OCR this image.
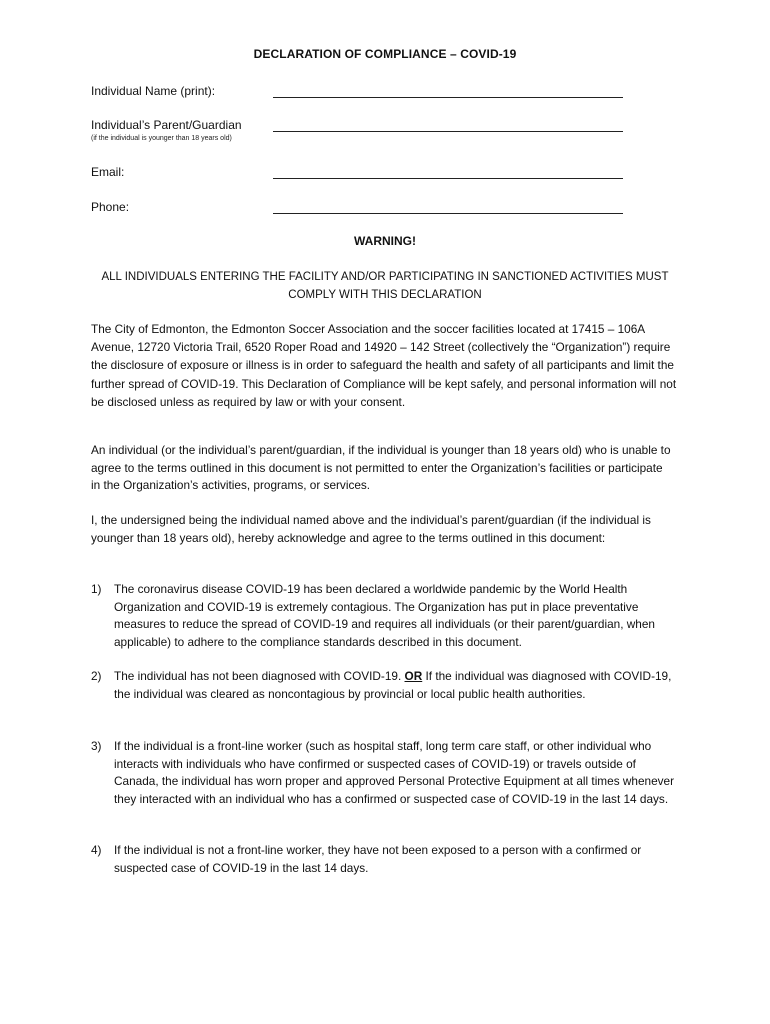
DECLARATION OF COMPLIANCE – COVID-19
Individual Name (print):
Individual’s Parent/Guardian
(if the individual is younger than 18 years old)
Email:
Phone:
WARNING!
ALL INDIVIDUALS ENTERING THE FACILITY AND/OR PARTICIPATING IN SANCTIONED ACTIVITIES MUST COMPLY WITH THIS DECLARATION
The City of Edmonton, the Edmonton Soccer Association and the soccer facilities located at 17415 – 106A Avenue, 12720 Victoria Trail, 6520 Roper Road and 14920 – 142 Street (collectively the “Organization”) require the disclosure of exposure or illness is in order to safeguard the health and safety of all participants and limit the further spread of COVID-19. This Declaration of Compliance will be kept safely, and personal information will not be disclosed unless as required by law or with your consent.
An individual (or the individual’s parent/guardian, if the individual is younger than 18 years old) who is unable to agree to the terms outlined in this document is not permitted to enter the Organization’s facilities or participate in the Organization’s activities, programs, or services.
I, the undersigned being the individual named above and the individual’s parent/guardian (if the individual is younger than 18 years old), hereby acknowledge and agree to the terms outlined in this document:
1) The coronavirus disease COVID-19 has been declared a worldwide pandemic by the World Health Organization and COVID-19 is extremely contagious. The Organization has put in place preventative measures to reduce the spread of COVID-19 and requires all individuals (or their parent/guardian, when applicable) to adhere to the compliance standards described in this document.
2) The individual has not been diagnosed with COVID-19. OR If the individual was diagnosed with COVID-19, the individual was cleared as noncontagious by provincial or local public health authorities.
3) If the individual is a front-line worker (such as hospital staff, long term care staff, or other individual who interacts with individuals who have confirmed or suspected cases of COVID-19) or travels outside of Canada, the individual has worn proper and approved Personal Protective Equipment at all times whenever they interacted with an individual who has a confirmed or suspected case of COVID-19 in the last 14 days.
4) If the individual is not a front-line worker, they have not been exposed to a person with a confirmed or suspected case of COVID-19 in the last 14 days.
